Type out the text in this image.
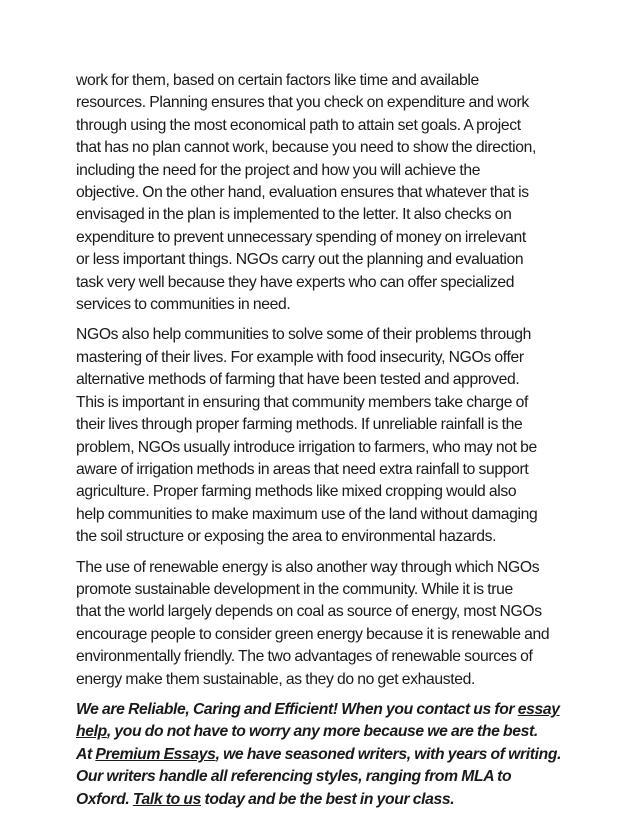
work for them, based on certain factors like time and available
resources. Planning ensures that you check on expenditure and work
through using the most economical path to attain set goals. A project
that has no plan cannot work, because you need to show the direction,
including the need for the project and how you will achieve the
objective. On the other hand, evaluation ensures that whatever that is
envisaged in the plan is implemented to the letter. It also checks on
expenditure to prevent unnecessary spending of money on irrelevant
or less important things. NGOs carry out the planning and evaluation
task very well because they have experts who can offer specialized
services to communities in need.

NGOs also help communities to solve some of their problems through
mastering of their lives. For example with food insecurity, NGOs offer
alternative methods of farming that have been tested and approved.
This is important in ensuring that community members take charge of
their lives through proper farming methods. If unreliable rainfall is the
problem, NGOs usually introduce irrigation to farmers, who may not be
aware of irrigation methods in areas that need extra rainfall to support
agriculture. Proper farming methods like mixed cropping would also
help communities to make maximum use of the land without damaging
the soil structure or exposing the area to environmental hazards.

The use of renewable energy is also another way through which NGOs
promote sustainable development in the community. While it is true
that the world largely depends on coal as source of energy, most NGOs
encourage people to consider green energy because it is renewable and
environmentally friendly. The two advantages of renewable sources of
energy make them sustainable, as they do no get exhausted.

We are Reliable, Caring and Efficient! When you contact us for essay
help, you do not have to worry any more because we are the best.
At Premium Essays, we have seasoned writers, with years of writing.
Our writers handle all referencing styles, ranging from MLA to
Oxford. Talk to us today and be the best in your class.
